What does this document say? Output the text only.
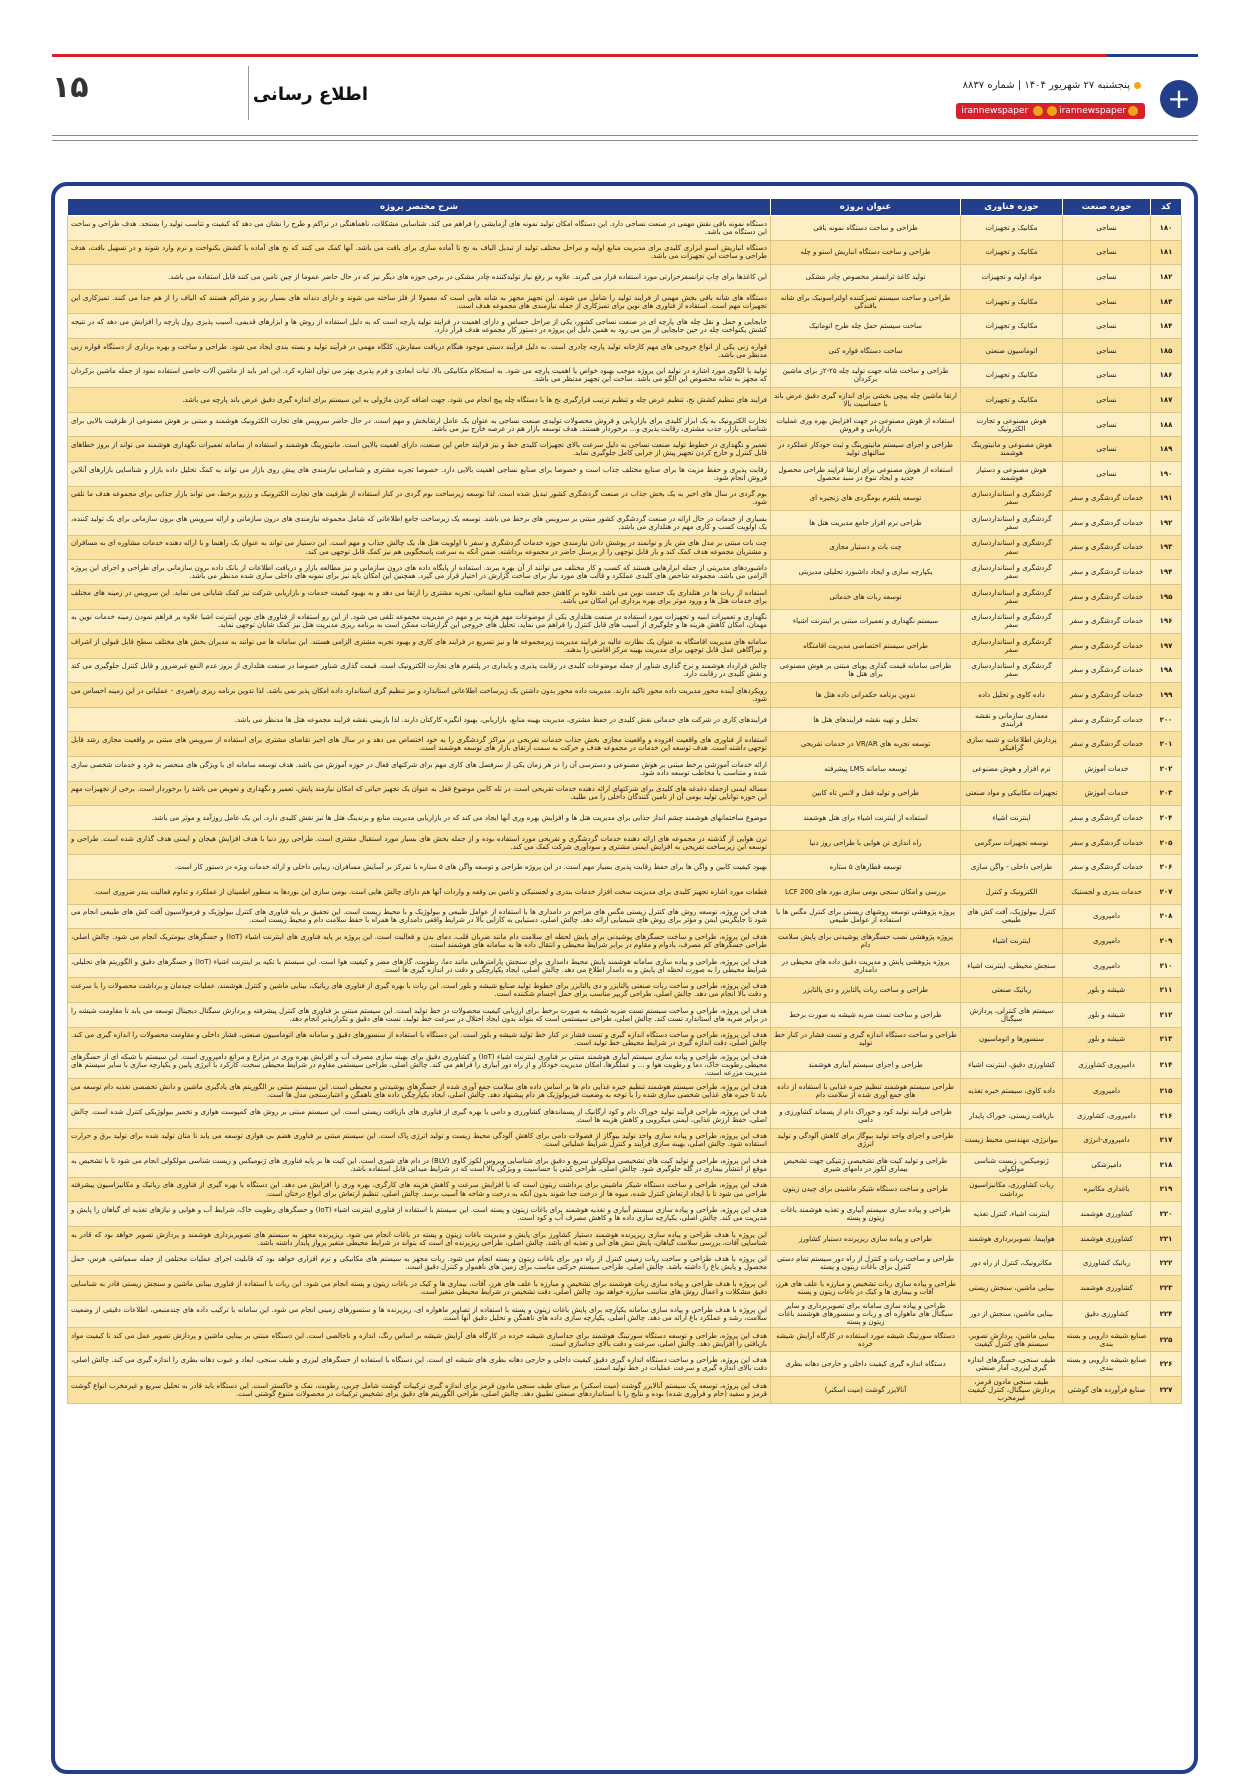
۱۵	اطلاع رسانی	+
پنجشنبه ۲۷ شهریور ۱۴۰۴ | شماره ۸۸۳۷
irannewspaper	irannewspaper
کد	حوزه صنعت	حوزه فناوری	عنوان پروژه	شرح مختصر پروژه
۱۸۰	نساجی	مکانیک و تجهیزات	طراحی و ساخت دستگاه نمونه بافی	دستگاه نمونه بافی نقش مهمی در صنعت نساجی دارد. این دستگاه امکان تولید نمونه های آزمایشی را فراهم می کند. شناسایی مشکلات، ناهماهنگی در تراکم و طرح را نشان می دهد که کیفیت و تناسب تولید را بسنجد. هدف طراحی و ساخت این دستگاه می باشد.
۱۸۱	نساجی	مکانیک و تجهیزات	طراحی و ساخت دستگاه انباریش اسنو و چله	دستگاه انباریش اسنو ابزاری کلیدی برای مدیریت منابع اولیه و مراحل مختلف تولید از تبدیل الیاف به نخ تا آماده سازی برای بافت می باشد. آنها کمک می کنند که نخ های آماده با کشش یکنواخت و نرم وارد شوند و در تسهیل بافت، هدف طراحی و ساخت این تجهیزات می باشد.
۱۸۲	نساجی	مواد اولیه و تجهیزات	تولید کاغذ ترانسفر مخصوص چادر مشکی	این کاغذها برای چاپ ترانسفرحرارتی مورد استفاده قرار می گیرند. علاوه بر رفع نیاز تولیدکننده چادر مشکی در برخی حوزه های دیگر نیز که در حال حاضر عموما از چین تامین می کنند قابل استفاده می باشد.
۱۸۳	نساجی	مکانیک و تجهیزات	طراحی و ساخت سیستم تمیزکننده اولتراسونیک برای شانه بافندگی	دستگاه های شانه بافی بخش مهمی از فرایند تولید را شامل می شوند. این تجهیز مجهز به شانه هایی است که معمولا از فلز ساخته می شوند و دارای دندانه های بسیار ریز و متراکم هستند که الیاف را از هم جدا می کنند. تمیزکاری این تجهیزات مهم است. استفاده از فناوری های نوین برای تمیزکاری از جمله نیازمندی های مجموعه هدف است.
۱۸۴	نساجی	مکانیک و تجهیزات	ساخت سیستم حمل چله طرح اتوماتیک	جابجایی و حمل و نقل چله های پارچه ای در صنعت نساجی کشور، یکی از مراحل حساس و دارای اهمیت در فرایند تولید پارچه است که به دلیل استفاده از روش ها و ابزارهای قدیمی، آسیب پذیری رول پارچه را افزایش می دهد که در نتیجه کشش یکنواخت چله در حین جابجایی از بین می رود به همین دلیل این پروژه در دستور کار مجموعه هدف قرار دارد.
۱۸۵	نساجی	اتوماسیون صنعتی	ساخت دستگاه قواره کنی	قواره زنی یکی از انواع خروجی های مهم کارخانه تولید پارچه چادری است. به دلیل فرآیند دستی موجود هنگام دریافت سفارش، کلگاه مهمی در فرآیند تولید و بسته بندی ایجاد می شود. طراحی و ساخت و بهره برداری از دستگاه قواره زنی مدنظر می باشد.
۱۸۶	نساجی	مکانیک و تجهیزات	طراحی و ساخت شانه جهت تولید چله ۲۵-۲ز برای ماشین برکردان	تولید با الگوی مورد اشاره در تولید این پروژه موجب بهبود خواص یا اهمیت پارچه می شود. به استحکام مکانیکی بالا، ثبات ابعادی و فرم پذیری بهتر می توان اشاره کرد. این امر باید از ماشین آلات خاصی استفاده نمود از جمله ماشین برکردان که مجهز به شانه مخصوص این الگو می باشد. ساخت این تجهیز مدنظر می باشد.
۱۸۷	نساجی	مکانیک و تجهیزات	ارتقا ماشین چله پیچی بخشی برای اندازه گیری دقیق عرض باند با حساسیت بالا	فرایند های تنظیم کشش نخ، تنظیم عرض چله و تنظیم ترتیب قرارگیری نخ ها با دستگاه چله پیچ انجام می شود. جهت اضافه کردن ماژولی به این سیستم برای اندازه گیری دقیق عرض باند پارچه می باشد.
۱۸۸	نساجی	هوش مصنوعی و تجارت الکترونیک	استفاده از هوش مصنوعی در جهت افزایش بهره وری عملیات بازاریابی و فروش	تجارت الکترونیک به یک ابزار کلیدی برای بازاریابی و فروش محصولات تولیدی صنعت نساجی به عنوان یک عامل ارتقابخش و مهم است. در حال حاضر سرویس های تجارت الکترونیک هوشمند و مبتنی بر هوش مصنوعی از ظرفیت بالایی برای شناسایی بازار، جذب مشتری، رقابت پذیری و... برخوردار هستند. هدف توسعه بازار هم در عرصه خارج نیز می باشد.
۱۸۹	نساجی	هوش مصنوعی و مانیتورینگ هوشمند	طراحی و اجرای سیستم مانیتورینگ و ثبت خودکار عملکرد در سالنهای تولید	تعمیر و نگهداری در خطوط تولید صنعت نساجی به دلیل سرعت بالای تجهیزات کلیدی خط و نیز فرایند خاص این صنعت، دارای اهمیت بالایی است. مانیتورینگ هوشمند و استفاده از سامانه تعمیرات نگهداری هوشمند می تواند از بروز خطاهای قابل کنترل و خارج کردن تجهیز پیش از خرابی کامل جلوگیری نماید.
۱۹۰	نساجی	هوش مصنوعی و دستیار هوشمند	استفاده از هوش مصنوعی برای ارتقا فرایند طراحی محصول جدید و ایجاد تنوع در سبد محصول	رقابت پذیری و حفظ مزیت ها برای صنایع مختلف جذاب است و خصوصا برای صنایع نساجی اهمیت بالایی دارد. خصوصا تجربه مشتری و شناسایی نیازمندی های پیش روی بازار می تواند به کمک تحلیل داده بازار و شناسایی بازارهای آنلاین فروش انجام شود.
۱۹۱	خدمات گردشگری و سفر	گردشگری و استانداردسازی سفر	توسعه پلتفرم بومگردی های زنجیره ای	بوم گردی در سال های اخیر به یک بخش جذاب در صنعت گردشگری کشور تبدیل شده است. لذا توسعه زیرساخت بوم گردی در کنار استفاده از ظرفیت های تجارت الکترونیک و رزرو برخط، می تواند بازار جذابی برای مجموعه هدف ما تلقی شود.
۱۹۲	خدمات گردشگری و سفر	گردشگری و استانداردسازی سفر	طراحی نرم افزار جامع مدیریت هتل ها	بسیاری از خدمات در حال ارائه در صنعت گردشگری کشور مبتنی بر سرویس های برخط می باشد. توسعه یک زیرساخت جامع اطلاعاتی که شامل مجموعه نیازمندی های درون سازمانی و ارائه سرویس های برون سازمانی برای یک تولید کننده، یک اولویت کسب و کاری مهم در هتلداری می باشد.
۱۹۳	خدمات گردشگری و سفر	گردشگری و استانداردسازی سفر	چت بات و دستیار مجازی	چت بات مبتنی بر مدل های متن باز و توانمند در پوشش دادن نیازمندی حوزه خدمات گردشگری و سفر با اولویت هتل ها، یک چالش جذاب و مهم است. این دستیار می تواند به عنوان یک راهنما و با ارائه دهنده خدمات مشاوره ای به مسافران و مشتریان مجموعه هدف کمک کند و بار قابل توجهی را از پرسنل حاضر در مجموعه برداشته. ضمن آنکه به سرعت پاسخگویی هم نیز کمک قابل توجهی می کند.
۱۹۴	خدمات گردشگری و سفر	گردشگری و استانداردسازی سفر	یکپارچه سازی و ایجاد داشبورد تحلیلی مدیریتی	داشبوردهای مدیریتی از جمله ابزارهایی هستند که کسب و کار مختلف می توانند از آن بهره ببرند. استفاده از پایگاه داده های درون سازمانی و نیز مطالعه بازار و دریافت اطلاعات از بانک داده برون سازمانی برای طراحی و اجرای این پروژه الزامی می باشد. مجموعه شاخص های کلیدی عملکرد و قالب های مورد نیاز برای ساخت گزارش در اختیار قرار می گیرد. همچنین این امکان باید نیز برای نمونه های داخلی سازی شده مدنظر می باشد.
۱۹۵	خدمات گردشگری و سفر	گردشگری و استانداردسازی سفر	توسعه ربات های خدماتی	استفاده از ربات ها در هتلداری یک خدمت نوین می باشد. علاوه بر کاهش حجم فعالیت منابع انسانی، تجربه مشتری را ارتقا می دهد و به بهبود کیفیت خدمات و بازاریابی شرکت نیز کمک شایانی می نماید. این سرویس در زمینه های مختلف برای خدمات هتل ها و ورود موثر برای بهره برداری این امکان می باشد.
۱۹۶	خدمات گردشگری و سفر	گردشگری و استانداردسازی سفر	سیستم نگهداری و تعمیرات مبتنی بر اینترنت اشیاء	نگهداری و تعمیرات ابنیه و تجهیزات مورد استفاده در صنعت هتلداری یکی از موضوعات مهم هزینه بر و مهم در مدیریت مجموعه تلقی می شود. از این رو استفاده از فناوری های نوین اینترنت اشیا علاوه بر فراهم نمودن زمینه خدمات نوین به مهمان، امکان کاهش هزینه ها و جلوگیری از آسیب های قابل کنترل را فراهم می نماید. تحلیل های خروجی این گزارشات ممکن است به برنامه ریزی مدیریت هتل نیز کمک شایان توجهی نماید.
۱۹۷	خدمات گردشگری و سفر	گردشگری و استانداردسازی سفر	طراحی سیستم اختصاصی مدیریت اقامتگاه	سامانه های مدیریت اقامتگاه به عنوان یک نظارت عالیه بر فرایند مدیریت زیرمجموعه ها و نیز تسریع در فرایند های کاری و بهبود تجربه مشتری الزامی هستند. این سامانه ها می توانند به مدیران بخش های مختلف سطح قابل قبولی از اشراف و تیزآگاهی عمل قابل توجهی برای مدیریت بهینه مرکز اقامتی را بدهند.
۱۹۸	خدمات گردشگری و سفر	گردشگری و استانداردسازی سفر	طراحی سامانه قیمت گذاری پویای مبتنی بر هوش مصنوعی برای هتل ها	چالش قرارداد هوشمند و نرخ گذاری شناور از جمله موضوعات کلیدی در رقابت پذیری و پایداری در پلتفرم های تجارت الکترونیک است. قیمت گذاری شناور خصوصا در صنعت هتلداری از بروز عدم النفع غیرضرور و قابل کنترل جلوگیری می کند و نقش کلیدی در رقابت دارد.
۱۹۹	خدمات گردشگری و سفر	داده کاوی و تحلیل داده	تدوین برنامه حکمرانی داده هتل ها	رویکردهای آینده محور مدیریت داده محور تاکید دارند. مدیریت داده محور بدون داشتن یک زیرساخت اطلاعاتی استاندارد و نیز تنظیم گری استاندارد داده امکان پذیر نمی باشد. لذا تدوین برنامه ریزی راهبردی - عملیاتی در این زمینه احساس می شود.
۲۰۰	خدمات گردشگری و سفر	معماری سازمانی و نقشه فرایندی	تحلیل و تهیه نقشه فرایندهای هتل ها	فرایندهای کاری در شرکت های خدماتی نقش کلیدی در حفظ مشتری، مدیریت بهینه منابع، بازاریابی، بهبود انگیزه کارکنان دارند. لذا بازبینی نقشه فرایند مجموعه هتل ها مدنظر می باشد.
۲۰۱	خدمات گردشگری و سفر	پردازش اطلاعات و شبیه سازی گرافیکی	توسعه تجربه های VR/AR در خدمات تفریحی	استفاده از فناوری های واقعیت افزوده و واقعیت مجازی بخش جذاب خدمات تفریحی در مراکز گردشگری را به خود اختصاص می دهد و در سال های اخیر تقاضای مشتری برای استفاده از سرویس های مبتنی بر واقعیت مجازی رشد قابل توجهی داشته است. هدف توسعه این خدمات در مجموعه هدف و حرکت به سمت ارتقای بازار های توسعه هوشمند است.
۲۰۲	خدمات آموزش	نرم افزار و هوش مصنوعی	توسعه سامانه LMS پیشرفته	ارائه خدمات آموزشی برخط مبتنی بر هوش مصنوعی و دسترسی آن را در هر زمان یکی از سرفصل های کاری مهم برای شرکتهای فعال در حوزه آموزش می باشد. هدف توسعه سامانه ای با ویژگی های منحصر به فرد و خدمات شخصی سازی شده و متناسب با مخاطب توسعه داده شود.
۲۰۳	خدمات آموزش	تجهیزات مکانیکی و مواد صنعتی	طراحی و تولید قفل و لانس تاه کابین	مساله ایمنی ازجمله دغدغه های کلیدی برای شرکتهای ارائه دهنده خدمات تفریحی است. در تله کابین موضوع قفل به عنوان یک تجهیز حیاتی که امکان نیازمند پایش، تعمیر و نگهداری و تعویض می باشد را برخوردار است. برخی از تجهیزات مهم این حوزه توانایی تولید بومی آن از تامین کنندگان داخلی را می طلبد.
۲۰۴	خدمات گردشگری و سفر	اینترنت اشیاء	استفاده از اینترنت اشیاء برای هتل هوشمند	موضوع ساختمانهای هوشمند چشم انداز جذابی برای مدیریت هتل ها و افزایش بهره وری آنها ایجاد می کند که در بازاریابی مدیریت منابع و برندینگ هتل ها نیز نقش کلیدی دارد. این یک عامل روزآمد و موثر می باشد.
۲۰۵	خدمات گردشگری و سفر	توسعه تجهیزات سرگرمی	راه اندازی تن هوایی با طراحی روز دنیا	ترن هوایی از گذشته در مجموعه های ارائه دهنده خدمات گردشگری و تفریحی مورد استفاده بوده و از جمله بخش های بسیار مورد استقبال مشتری است. طراحی روز دنیا با هدف افزایش هیجان و ایمنی هدف گذاری شده است. طراحی و توسعه این زیرساخت تفریحی به افزایش ایمنی مشتری و سودآوری شرکت کمک می کند.
۲۰۶	خدمات گردشگری و سفر	طراحی داخلی - واگن سازی	توسعه قطارهای ۵ ستاره	بهبود کیفیت کابین و واگن ها برای حفظ رقابت پذیری بسیار مهم است. در این پروژه طراحی و توسعه واگن های ۵ ستاره با تمرکز بر آسایش مسافران، زیبایی داخلی و ارائه خدمات ویژه در دستور کار است.
۲۰۷	خدمات بندری و لجستیک	الکترونیک و کنترل	بررسی و امکان سنجی بومی سازی بورد های LCF 200	قطعات مورد اشاره تجهیز کلیدی برای مدیریت سخت افزار خدمات بندری و لجستیکی و تامین بی وقفه و واردات آنها هم دارای چالش هایی است. بومی سازی این بوردها به منظور اطمینان از عملکرد و تداوم فعالیت بندر ضروری است.
۲۰۸	دامپروری	کنترل بیولوژیک، آفت کش های طبیعی	پروژه پژوهشی توسعه روشهای زیستی برای کنترل مگس ها با استفاده از عوامل طبیعی	هدف این پروژه، توسعه روش های کنترل زیستی مگس های مزاحم در دامداری ها با استفاده از عوامل طبیعی و بیولوژیک و با محیط زیست است. این تحقیق بر پایه فناوری های کنترل بیولوژیک و فرمولاسیون آفت کش های طبیعی انجام می شود تا جایگزینی ایمن و مؤثر برای روش های شیمیایی ارائه دهد. چالش اصلی، دستیابی به کارایی بالا در شرایط واقعی دامداری ها همراه با حفظ سلامت دام و محیط زیست است.
۲۰۹	دامپروری	اینترنت اشیاء	پروژه پژوهشی نصب حسگرهای پوشیدنی برای پایش سلامت دام	هدف این پروژه، طراحی و ساخت حسگرهای پوشیدنی برای پایش لحظه ای سلامت دام مانند ضربان قلب، دمای بدن و فعالیت است. این پروژه بر پایه فناوری های اینترنت اشیاء (IoT) و حسگرهای بیومتریک انجام می شود. چالش اصلی، طراحی حسگرهای کم مصرف، بادوام و مقاوم در برابر شرایط محیطی و انتقال داده ها به سامانه های هوشمند است.
۲۱۰	دامپروری	سنجش محیطی، اینترنت اشیاء	پروژه پژوهشی پایش و مدیریت دقیق داده های محیطی در دامداری	هدف این پروژه، طراحی و پیاده سازی سامانه هوشمند پایش محیط دامداری برای سنجش پارامترهایی مانند دما، رطوبت، گازهای مضر و کیفیت هوا است. این سیستم با تکیه بر اینترنت اشیاء (IoT) و حسگرهای دقیق و الگوریتم های تحلیلی، شرایط محیطی را به صورت لحظه ای پایش و به دامدار اطلاع می دهد. چالش اصلی، ایجاد یکپارچگی و دقت در اندازه گیری ها است.
۲۱۱	شیشه و بلور	رباتیک صنعتی	طراحی و ساخت ربات پالتایزر و دی پالتایزر	هدف این پروژه، طراحی و ساخت ربات صنعتی پالتایزر و دی پالتایزر برای خطوط تولید صنایع شیشه و بلور است. این ربات با بهره گیری از فناوری های رباتیک، بینایی ماشین و کنترل هوشمند، عملیات چیدمان و برداشت محصولات را با سرعت و دقت بالا انجام می دهد. چالش اصلی، طراحی گریپر مناسب برای حمل اجسام شکننده است.
۲۱۲	شیشه و بلور	سیستم های کنترلی، پردازش سیگنال	طراحی و ساخت تست ضربه شیشه به صورت برخط	هدف این پروژه، طراحی و ساخت سیستم تست ضربه شیشه به صورت برخط برای ارزیابی کیفیت محصولات در خط تولید است. این سیستم مبتنی بر فناوری های کنترل پیشرفته و پردازش سیگنال دیجیتال توسعه می یابد تا مقاومت شیشه را در برابر ضربه های استاندارد تست کند. چالش اصلی، طراحی سیستمی است که بتواند بدون ایجاد اختلال در سرعت خط تولید، تست های دقیق و تکرارپذیر انجام دهد.
۲۱۳	شیشه و بلور	سنسورها و اتوماسیون	طراحی و ساخت دستگاه اندازه گیری و تست فشار در کنار خط تولید	هدف این پروژه، طراحی و ساخت دستگاه اندازه گیری و تست فشار در کنار خط تولید شیشه و بلور است. این دستگاه با استفاده از سنسورهای دقیق و سامانه های اتوماسیون صنعتی، فشار داخلی و مقاومت محصولات را اندازه گیری می کند. چالش اصلی، دقت اندازه گیری در شرایط محیطی خط تولید است.
۲۱۴	دامپروری کشاورزی	کشاورزی دقیق، اینترنت اشیاء	طراحی و اجرای سیستم آبیاری هوشمند	هدف این پروژه، طراحی و پیاده سازی سیستم آبیاری هوشمند مبتنی بر فناوری اینترنت اشیاء (IoT) و کشاورزی دقیق برای بهینه سازی مصرف آب و افزایش بهره وری در مزارع و مراتع دامپروری است. این سیستم با شبکه ای از حسگرهای محیطی رطوبت خاک، دما و رطوبت هوا و ... و عملگرها، امکان مدیریت خودکار و از راه دور آبیاری را فراهم می کند. چالش اصلی، طراحی سیستمی مقاوم در شرایط محیطی سخت، کارکرد با انرژی پایین و یکپارچه سازی با سایر سیستم های مدیریت مزرعه است.
۲۱۵	دامپروری	داده کاوی، سیستم خبره تغذیه	طراحی سیستم هوشمند تنظیم جیره غذایی با استفاده از داده های جمع آوری شده از سلامت دام	هدف این پروژه، طراحی سیستم هوشمند تنظیم جیره غذایی دام ها بر اساس داده های سلامت جمع آوری شده از حسگرهای پوشیدنی و محیطی است. این سیستم مبتنی بر الگوریتم های یادگیری ماشین و دانش تخصصی تغذیه دام توسعه می یابد تا جیره های غذایی شخصی سازی شده را با توجه به وضعیت فیزیولوژیک هر دام پیشنهاد دهد. چالش اصلی، ایجاد یکپارچگی داده های ناهمگن و اعتبارسنجی مدل ها است.
۲۱۶	دامپروری، کشاورزی	بازیافت زیستی، خوراک پایدار	طراحی فرآیند تولید کود و خوراک دام از پسماند کشاورزی و دامی	هدف این پروژه، طراحی فرآیند تولید خوراک دام و کود ارگانیک از پسماندهای کشاورزی و دامی با بهره گیری از فناوری های بازیافت زیستی است. این سیستم مبتنی بر روش های کمپوست هوازی و تخمیر بیولوژیکی کنترل شده است. چالش اصلی، حفظ ارزش غذایی، ایمنی میکروبی و کاهش هزینه ها است.
۲۱۷	دامپروری-انرژی	بیوانرژی، مهندسی محیط زیست	طراحی و اجرای واحد تولید بیوگاز برای کاهش آلودگی و تولید انرژی	هدف این پروژه، طراحی و پیاده سازی واحد تولید بیوگاز از فضولات دامی برای کاهش آلودگی محیط زیست و تولید انرژی پاک است. این سیستم مبتنی بر فناوری هضم بی هوازی توسعه می یابد تا متان تولید شده برای تولید برق و حرارت استفاده شود. چالش اصلی، بهینه سازی فرآیند و کنترل شرایط عملیاتی است.
۲۱۸	دامپزشکی	ژنومیکس، زیست شناسی مولکولی	طراحی و تولید کیت های تشخیصی ژنتیکی جهت تشخیص بیماری لکوز در دامهای شیری	هدف این پروژه، طراحی و تولید کیت های تشخیصی مولکولی سریع و دقیق برای شناسایی ویروس لکوز گاوی (BLV) در دام های شیری است. این کیت ها بر پایه فناوری های ژنومیکس و زیست شناسی مولکولی انجام می شود تا با تشخیص به موقع از انتشار بیماری در گله جلوگیری شود. چالش اصلی، طراحی کیتی با حساسیت و ویژگی بالا است که در شرایط میدانی قابل استفاده باشد.
۲۱۹	باغداری مکانیزه	ربات کشاورزی، مکانیزاسیون برداشت	طراحی و ساخت دستگاه شیکر ماشینی برای چیدن زیتون	هدف این پروژه، طراحی و ساخت دستگاه شیکر ماشینی برای برداشت زیتون است که با افزایش سرعت و کاهش هزینه های کارگری، بهره وری را افزایش می دهد. این دستگاه با بهره گیری از فناوری های رباتیک و مکانیزاسیون پیشرفته طراحی می شود تا با ایجاد ارتعاش کنترل شده، میوه ها از درخت جدا شوند بدون آنکه به درخت و شاخه ها آسیب برسد. چالش اصلی، تنظیم ارتعاش برای انواع درختان است.
۲۲۰	کشاورزی هوشمند	اینترنت اشیاء، کنترل تغذیه	طراحی و پیاده سازی سیستم آبیاری و تغذیه هوشمند باغات زیتون و پسته	هدف این پروژه، طراحی و پیاده سازی سیستم آبیاری و تغذیه هوشمند برای باغات زیتون و پسته است. این سیستم با استفاده از فناوری اینترنت اشیاء (IoT) و حسگرهای رطوبت خاک، شرایط آب و هوایی و نیازهای تغذیه ای گیاهان را پایش و مدیریت می کند. چالش اصلی، یکپارچه سازی داده ها و کاهش مصرف آب و کود است.
۲۲۱	کشاورزی هوشمند	هواپیما، تصویربرداری هوشمند	طراحی و پیاده سازی ریزپرنده دستیار کشاورز	این پروژه با هدف طراحی و پیاده سازی ریزپرنده هوشمند دستیار کشاورز برای پایش و مدیریت باغات زیتون و پسته در باغات انجام می شود. ریزپرنده مجهز به سیستم های تصویربرداری هوشمند و پردازش تصویر خواهد بود که قادر به شناسایی آفات، بررسی سلامت گیاهان، پایش تنش های آبی و تغذیه ای باشد. چالش اصلی، طراحی ریزپرنده ای است که بتواند در شرایط محیطی متغیر پرواز پایدار داشته باشد.
۲۲۲	رباتیک کشاورزی	مکاترونیک، کنترل از راه دور	طراحی و ساخت ربات و کنترل از راه دور سیستم تمام دستی کنترل برای باغات زیتون و پسته	این پروژه با هدف طراحی و ساخت ربات زمینی کنترل از راه دور برای باغات زیتون و پسته انجام می شود. ربات مجهز به سیستم های مکانیکی و نرم افزاری خواهد بود که قابلیت اجرای عملیات مختلفی از جمله سمپاشی، هرس، حمل محصول و پایش باغ را داشته باشد. چالش اصلی، طراحی سیستم حرکتی مناسب برای زمین های ناهموار و کنترل دقیق است.
۲۲۳	کشاورزی هوشمند	بینایی ماشین، سنجش زیستی	طراحی و پیاده سازی ربات تشخیص و مبارزه با علف های هرز، آفات و بیماری ها و کیک در باغات زیتون و پسته	این پروژه با هدف طراحی و پیاده سازی ربات هوشمند برای تشخیص و مبارزه با علف های هرز، آفات، بیماری ها و کیک در باغات زیتون و پسته انجام می شود. این ربات با استفاده از فناوری بینایی ماشین و سنجش زیستی قادر به شناسایی دقیق مشکلات و اعمال روش های مناسب مبارزه خواهد بود. چالش اصلی، دقت تشخیص در شرایط محیطی متغیر است.
۲۲۴	کشاورزی دقیق	بینایی ماشین، سنجش از دور	طراحی و پیاده سازی سامانه برای تصویربرداری و سایر سیگنال های ماهواره ای و ربات و سنسورهای هوشمند باغات زیتون و پسته	این پروژه با هدف طراحی و پیاده سازی سامانه یکپارچه برای پایش باغات زیتون و پسته با استفاده از تصاویر ماهواره ای، ریزپرنده ها و سنسورهای زمینی انجام می شود. این سامانه با ترکیب داده های چندمنبعی، اطلاعات دقیقی از وضعیت سلامت، رشد و عملکرد باغ ارائه می دهد. چالش اصلی، یکپارچه سازی داده های ناهمگن و تحلیل دقیق آنها است.
۲۲۵	صنایع شیشه دارویی و بسته بندی	بینایی ماشین، پردازش تصویر، سیستم های کنترل کیفیت	دستگاه سورتینگ شیشه مورد استفاده در کارگاه آرایش شیشه خرده	هدف این پروژه، طراحی و توسعه دستگاه سورتینگ هوشمند برای جداسازی شیشه خرده در کارگاه های آرایش شیشه بر اساس رنگ، اندازه و ناخالصی است. این دستگاه مبتنی بر بینایی ماشین و پردازش تصویر عمل می کند تا کیفیت مواد بازیافتی را افزایش دهد. چالش اصلی، سرعت و دقت بالای جداسازی است.
۲۲۶	صنایع شیشه دارویی و بسته بندی	طیف سنجی، حسگرهای اندازه گیری لیزری، آمار صنعتی	دستگاه اندازه گیری کیفیت داخلی و خارجی دهانه بطری	هدف این پروژه، طراحی و ساخت دستگاه اندازه گیری دقیق کیفیت داخلی و خارجی دهانه بطری های شیشه ای است. این دستگاه با استفاده از حسگرهای لیزری و طیف سنجی، ابعاد و عیوب دهانه بطری را اندازه گیری می کند. چالش اصلی، دقت بالای اندازه گیری و سرعت عملیات در خط تولید است.
۲۲۷	صنایع فرآورده های گوشتی	طیف سنجی مادون قرمز، پردازش سیگنال، کنترل کیفیت غیرمخرب	آنالایزر گوشت (میت اسکنر)	هدف این پروژه، توسعه یک سیستم آنالایزر گوشت (میت اسکنر) بر مبنای طیف سنجی مادون قرمز برای اندازه گیری ترکیبات گوشت شامل چربی، رطوبت، نمک و خاکستر است. این دستگاه باید قادر به تحلیل سریع و غیرمخرب انواع گوشت قرمز و سفید (خام و فرآوری شده) بوده و نتایج را با استانداردهای صنعتی تطبیق دهد. چالش اصلی، طراحی الگوریتم های دقیق برای تشخیص ترکیبات در محصولات متنوع گوشتی است.
